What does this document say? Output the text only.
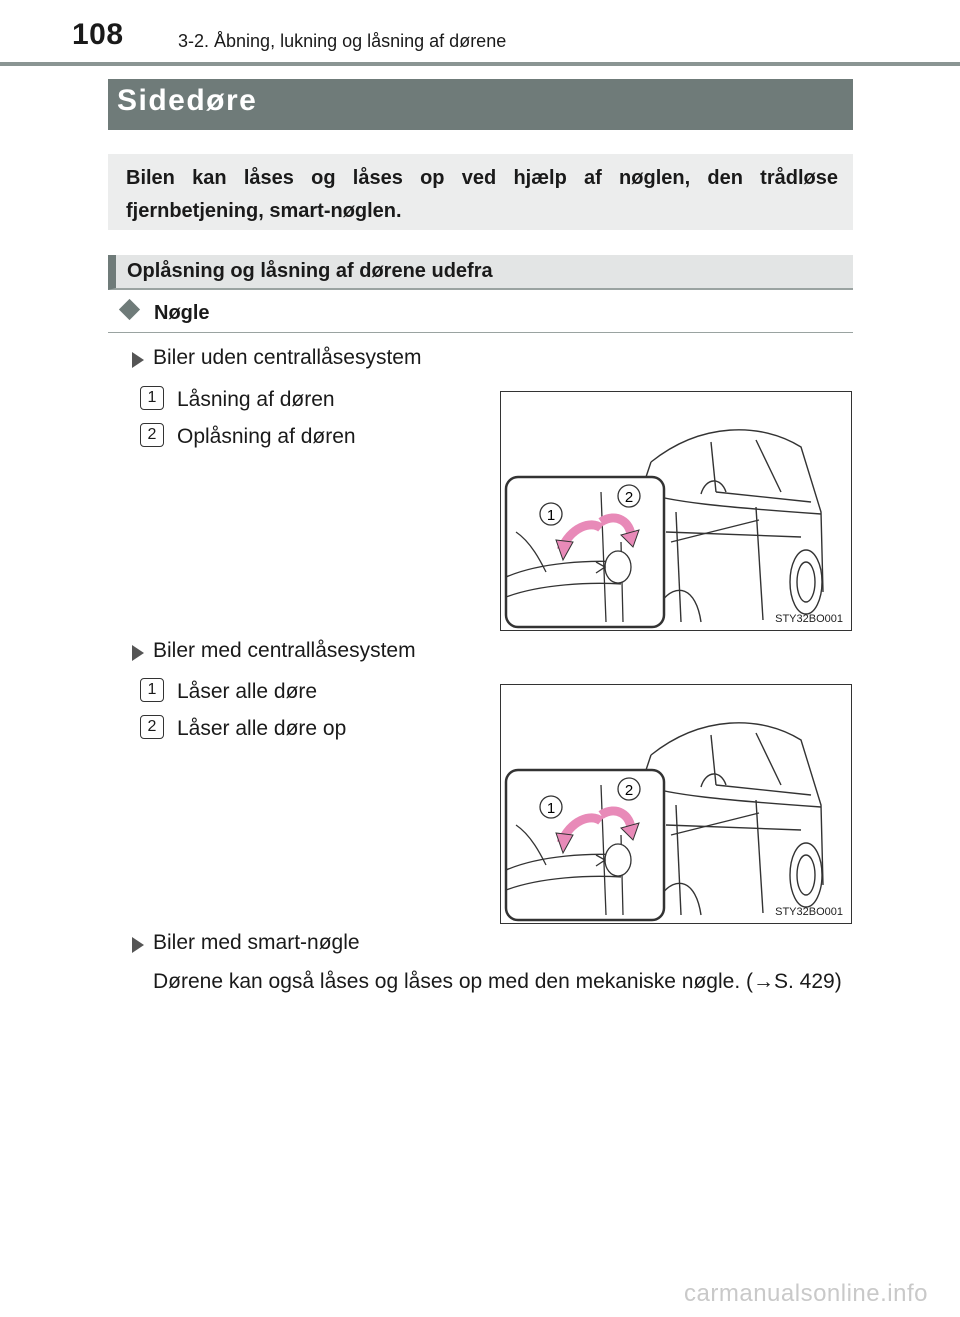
108	3-2. Åbning, lukning og låsning af dørene
Sidedøre
Bilen kan låses og låses op ved hjælp af nøglen, den trådløse fjernbetjening, smart-nøglen.
Oplåsning og låsning af dørene udefra
Nøgle
Biler uden centrallåsesystem
1 Låsning af døren
2 Oplåsning af døren
1
2
STY32BO001
Biler med centrallåsesystem
1 Låser alle døre
2 Låser alle døre op
1
2
STY32BO001
Biler med smart-nøgle
Dørene kan også låses og låses op med den mekaniske nøgle. (→S. 429)
carmanualsonline.info
